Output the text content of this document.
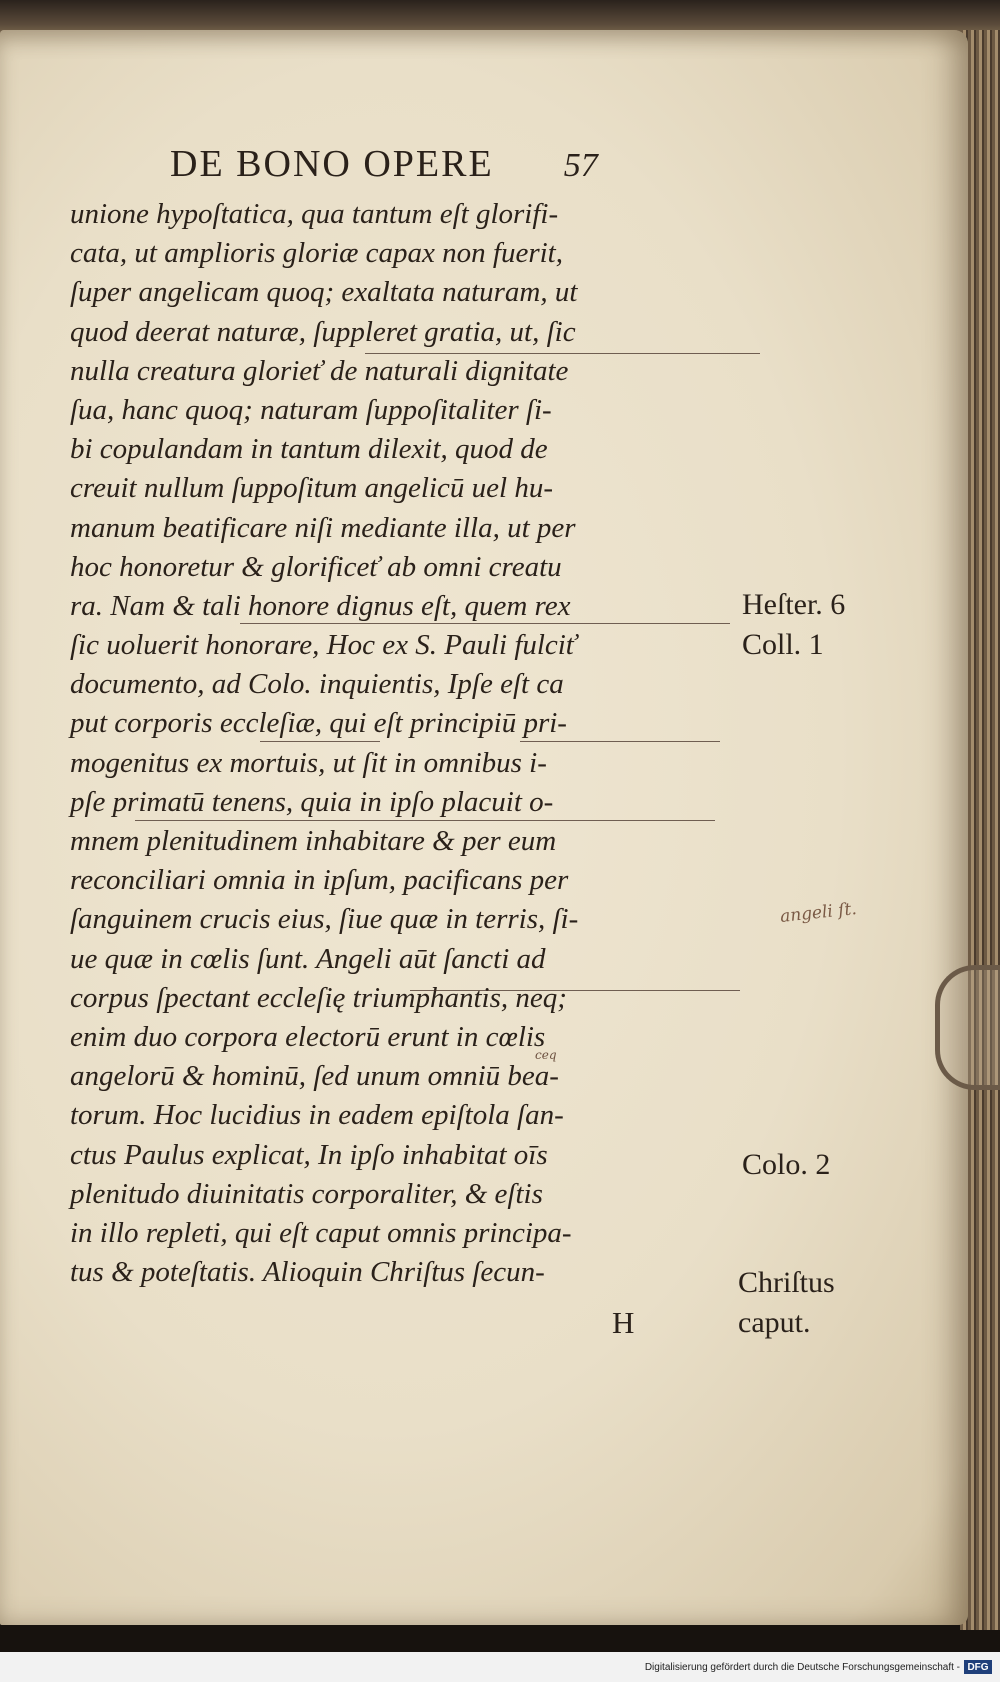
DE BONO OPERE 57
unione hypoſtatica, qua tantum eſt glorifi-
cata, ut amplioris gloriæ capax non fuerit,
ſuper angelicam quoq; exaltata naturam, ut
quod deerat naturæ, ſuppleret gratia, ut, ſic
nulla creatura glorieť de naturali dignitate
ſua, hanc quoq; naturam ſuppoſitaliter ſi-
bi copulandam in tantum dilexit, quod de
creuit nullum ſuppoſitum angelicū uel hu-
manum beatificare niſi mediante illa, ut per
hoc honoretur & glorificeť ab omni creatu
ra. Nam & tali honore dignus eſt, quem rex
ſic uoluerit honorare, Hoc ex S. Pauli fulciť
documento, ad Colo. inquientis, Ipſe eſt ca
put corporis eccleſiæ, qui eſt principiū pri-
mogenitus ex mortuis, ut ſit in omnibus i-
pſe primatū tenens, quia in ipſo placuit o-
mnem plenitudinem inhabitare & per eum
reconciliari omnia in ipſum, pacificans per
ſanguinem crucis eius, ſiue quæ in terris, ſi-
ue quæ in cœlis ſunt. Angeli aūt ſancti ad
corpus ſpectant eccleſię triumphantis, neq;
enim duo corpora electorū erunt in cœlis
angelorū & hominū, ſed unum omniū bea-
torum. Hoc lucidius in eadem epiſtola ſan-
ctus Paulus explicat, In ipſo inhabitat oīs
plenitudo diuinitatis corporaliter, & eſtis
in illo repleti, qui eſt caput omnis principa-
tus & poteſtatis. Alioquin Chriſtus ſecun-
ceq
H
Heſter. 6
Coll. 1
Colo. 2
Chriſtus
caput.
angeli ſt.
Digitalisierung gefördert durch die Deutsche Forschungsgemeinschaft - DFG
